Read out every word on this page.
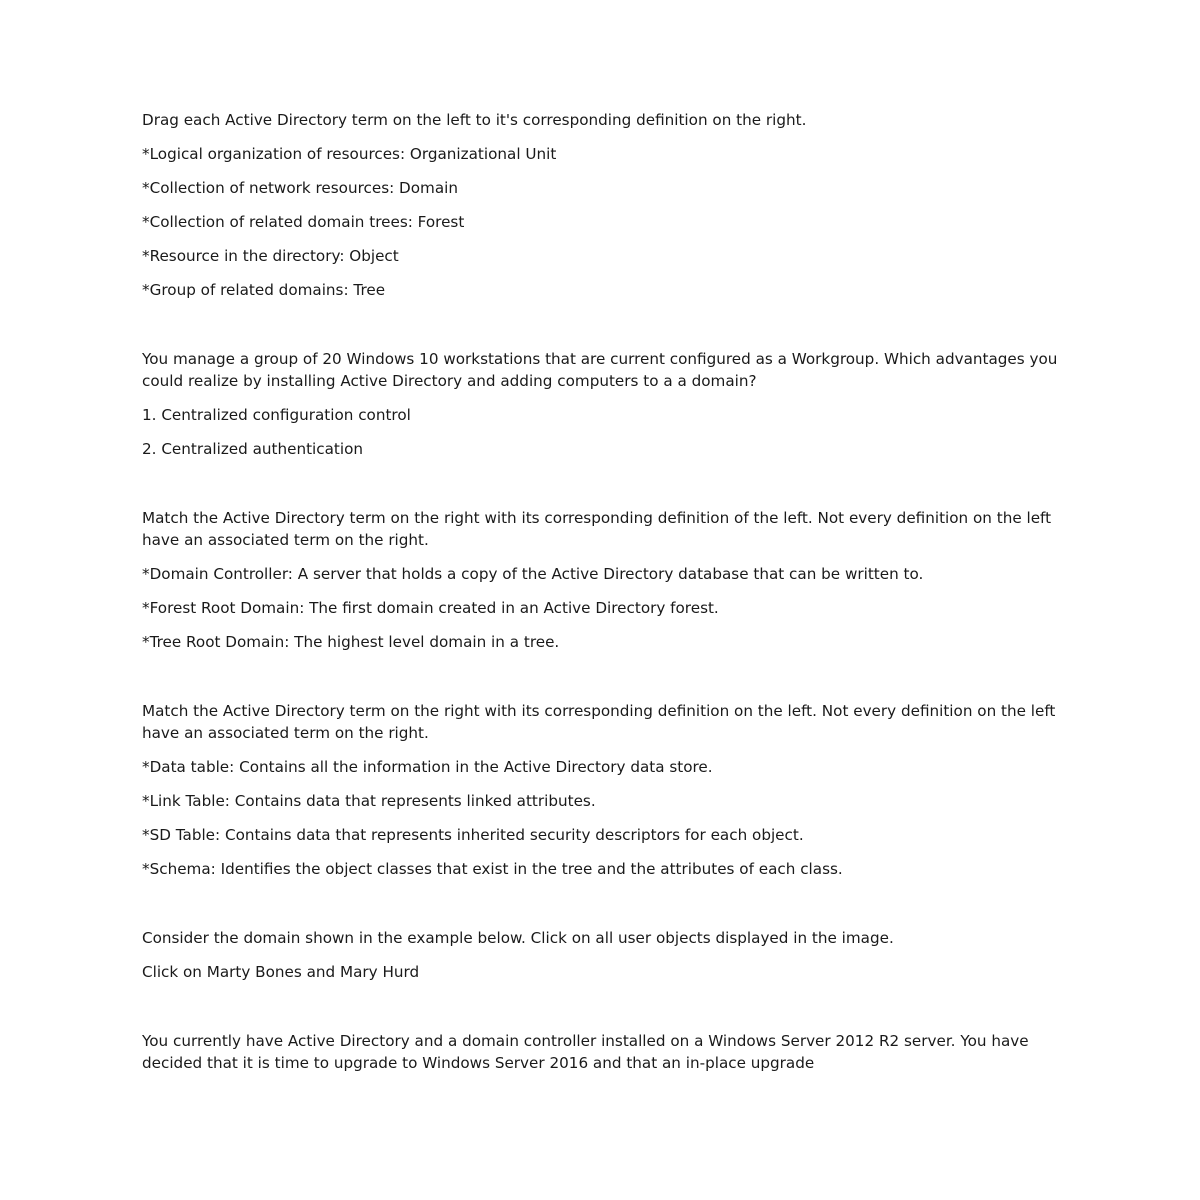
Drag each Active Directory term on the left to it's corresponding definition on the right.

*Logical organization of resources: Organizational Unit

*Collection of network resources: Domain

*Collection of related domain trees: Forest

*Resource in the directory: Object

*Group of related domains: Tree

You manage a group of 20 Windows 10 workstations that are current configured as a Workgroup. Which advantages you could realize by installing Active Directory and adding computers to a a domain?

1. Centralized configuration control

2. Centralized authentication

Match the Active Directory term on the right with its corresponding definition of the left. Not every definition on the left have an associated term on the right.

*Domain Controller: A server that holds a copy of the Active Directory database that can be written to.

*Forest Root Domain: The first domain created in an Active Directory forest.

*Tree Root Domain: The highest level domain in a tree.

Match the Active Directory term on the right with its corresponding definition on the left. Not every definition on the left have an associated term on the right.

*Data table: Contains all the information in the Active Directory data store.

*Link Table: Contains data that represents linked attributes.

*SD Table: Contains data that represents inherited security descriptors for each object.

*Schema: Identifies the object classes that exist in the tree and the attributes of each class.

Consider the domain shown in the example below. Click on all user objects displayed in the image.

Click on Marty Bones and Mary Hurd

You currently have Active Directory and a domain controller installed on a Windows Server 2012 R2 server. You have decided that it is time to upgrade to Windows Server 2016 and that an in-place upgrade
